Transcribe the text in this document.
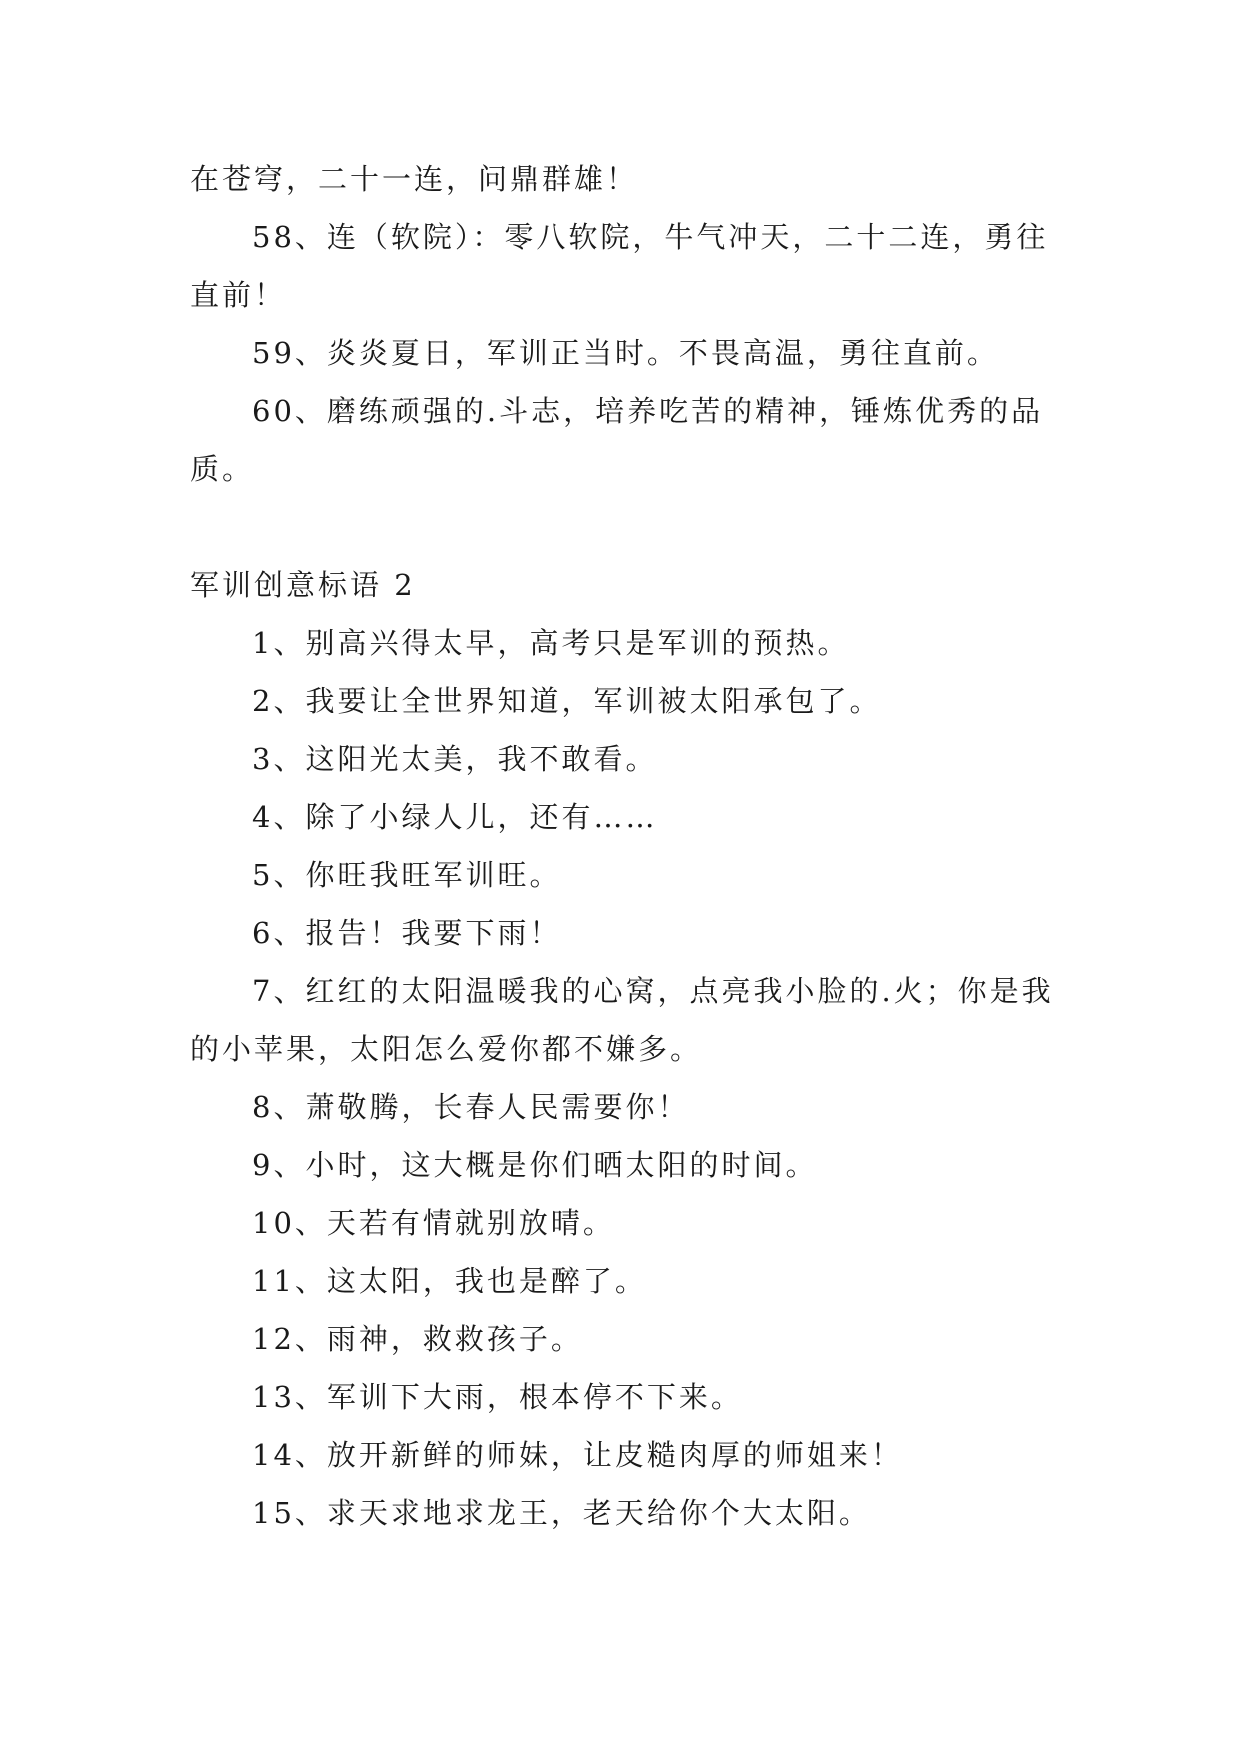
在苍穹，二十一连，问鼎群雄！

58、连（软院）：零八软院，牛气冲天，二十二连，勇往直前！

59、炎炎夏日，军训正当时。不畏高温，勇往直前。

60、磨练顽强的.斗志，培养吃苦的精神，锤炼优秀的品质。

军训创意标语 2

1、别高兴得太早，高考只是军训的预热。

2、我要让全世界知道，军训被太阳承包了。

3、这阳光太美，我不敢看。

4、除了小绿人儿，还有……

5、你旺我旺军训旺。

6、报告！我要下雨！

7、红红的太阳温暖我的心窝，点亮我小脸的.火；你是我的小苹果，太阳怎么爱你都不嫌多。

8、萧敬腾，长春人民需要你！

9、小时，这大概是你们晒太阳的时间。

10、天若有情就别放晴。

11、这太阳，我也是醉了。

12、雨神，救救孩子。

13、军训下大雨，根本停不下来。

14、放开新鲜的师妹，让皮糙肉厚的师姐来！

15、求天求地求龙王，老天给你个大太阳。
